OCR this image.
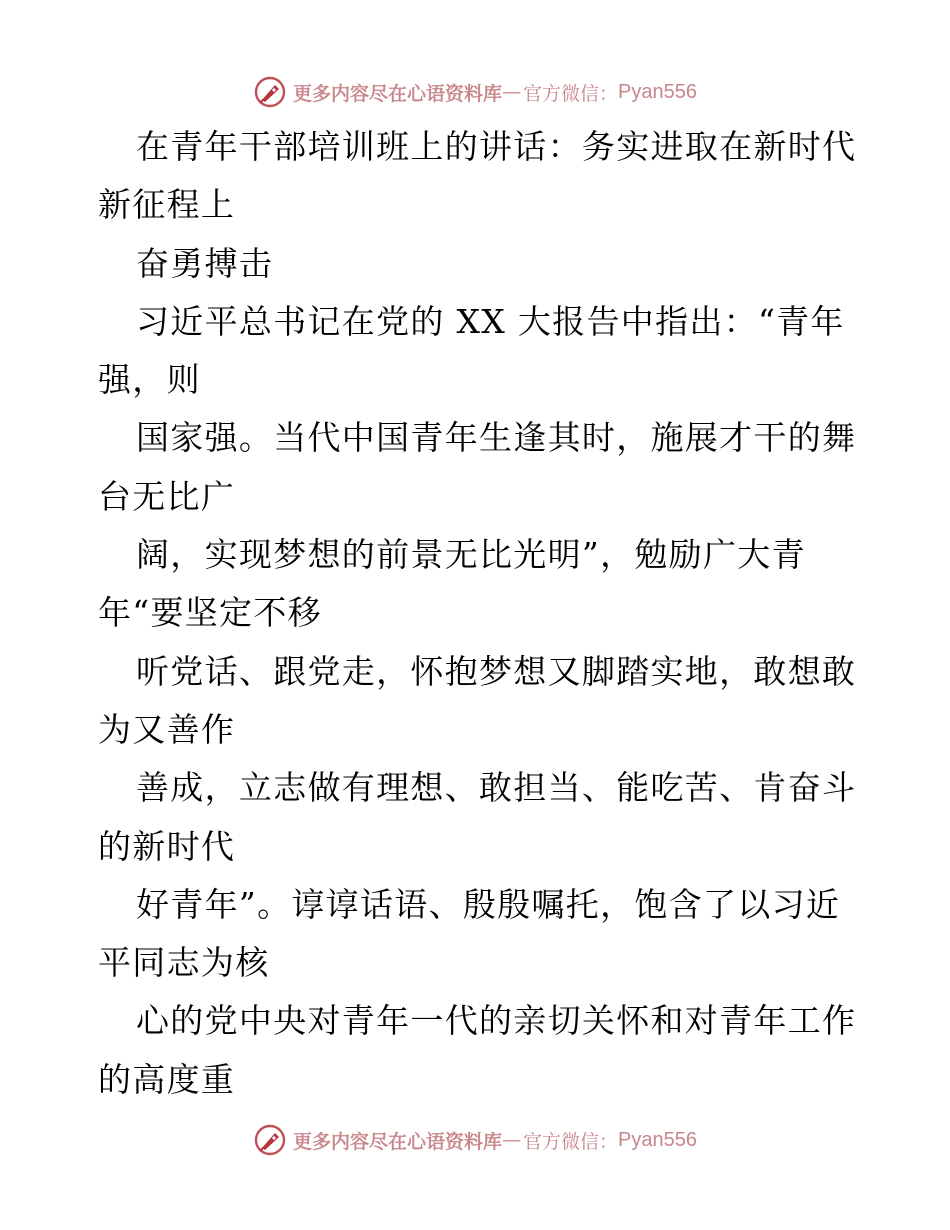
更多内容尽在心语资料库 — 官方微信： Pyan556
在青年干部培训班上的讲话：务实进取在新时代
新征程上
奋勇搏击
习近平总书记在党的 XX 大报告中指出：“青年
强，则
国家强。当代中国青年生逢其时，施展才干的舞
台无比广
阔，实现梦想的前景无比光明”，勉励广大青
年“要坚定不移
听党话、跟党走，怀抱梦想又脚踏实地，敢想敢
为又善作
善成，立志做有理想、敢担当、能吃苦、肯奋斗
的新时代
好青年”。谆谆话语、殷殷嘱托，饱含了以习近
平同志为核
心的党中央对青年一代的亲切关怀和对青年工作
的高度重
更多内容尽在心语资料库 — 官方微信： Pyan556
